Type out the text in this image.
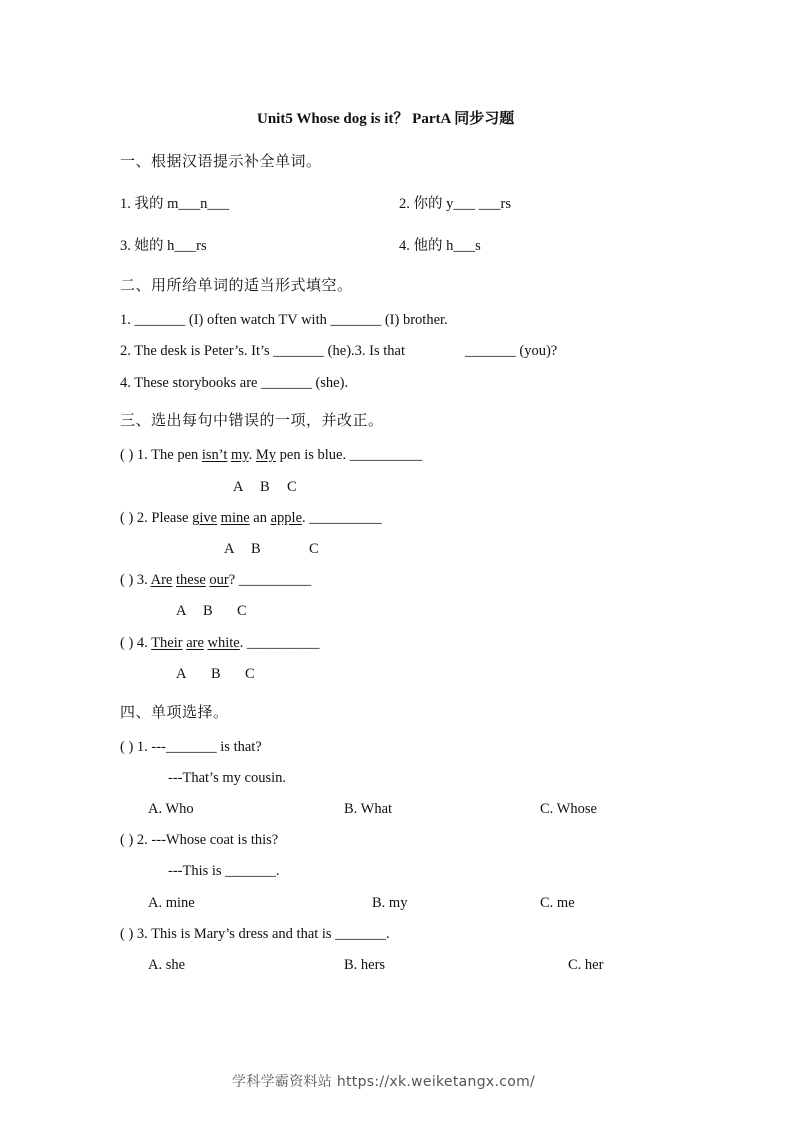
Unit5 Whose dog is it？ PartA 同步习题
一、根据汉语提示补全单词。
1. 我的 m___n___	2. 你的 y___ ___rs
3. 她的 h___rs	4. 他的 h___s
二、用所给单词的适当形式填空。
1. _______ (I) often watch TV with _______ (I) brother.
2. The desk is Peter’s. It’s _______ (he).3. Is that	_______ (you)?
4. These storybooks are _______ (she).
三、选出每句中错误的一项，并改正。
( ) 1. The pen isn’t my. My pen is blue. __________
A B C
( ) 2. Please give mine an apple. __________
A B	C
( ) 3. Are these our? __________
A B C
( ) 4. Their are white. __________
A B C
四、单项选择。
( ) 1. ---_______ is that?
---That’s my cousin.
A. Who	B. What	C. Whose
( ) 2. ---Whose coat is this?
---This is _______.
A. mine	B. my	C. me
( ) 3. This is Mary’s dress and that is _______.
A. she	B. hers	C. her
学科学霸资料站 https://xk.weiketangx.com/
